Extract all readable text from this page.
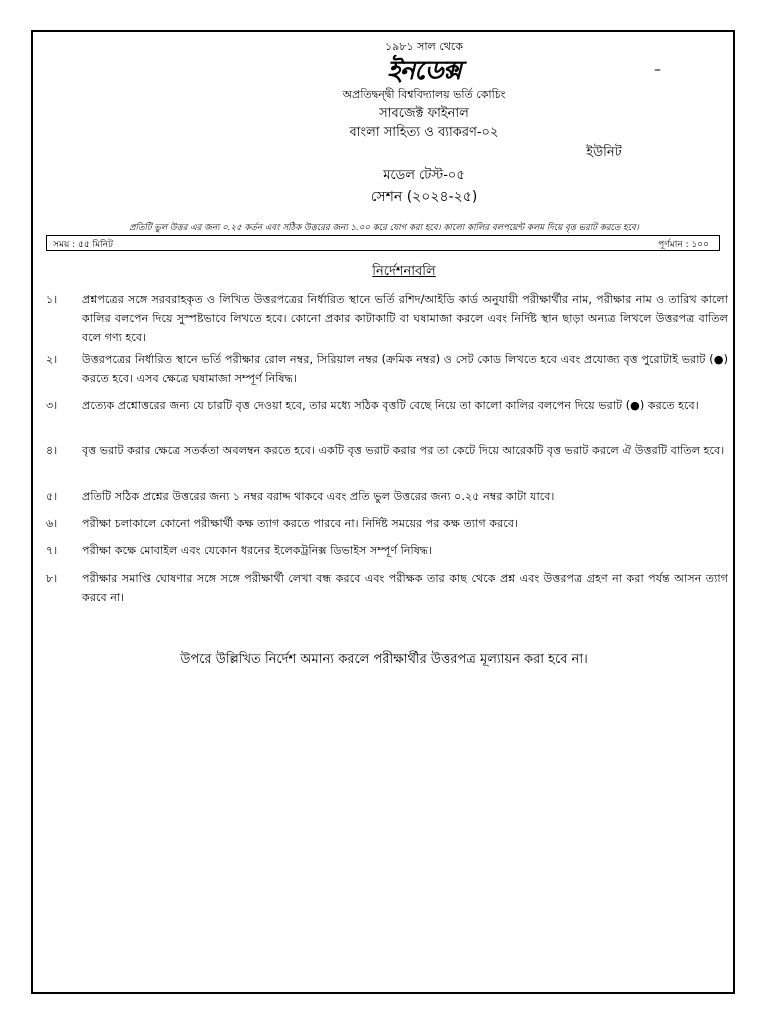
১৯৮১ সাল থেকে
ইনডেক্স	–
অপ্রতিদ্বন্দ্বী বিশ্ববিদ্যালয় ভর্তি কোচিং
সাবজেক্ট ফাইনাল
বাংলা সাহিত্য ও ব্যাকরণ-০২
ইউনিট
মডেল টেস্ট-০৫
সেশন (২০২৪-২৫)
প্রতিটি ভুল উত্তর এর জন্য ০.২৫ কর্তন এবং সঠিক উত্তরের জন্য ১.০০ করে যোগ করা হবে। কালো কালির বলপয়েন্ট কলম দিয়ে বৃত্ত ভরাট করতে হবে।
সময় : ৫৫ মিনিট	পূর্ণমান : ১০০
নির্দেশনাবলি
১।	প্রশ্নপত্রের সঙ্গে সরবরাহকৃত ও লিখিত উত্তরপত্রের নির্ধারিত স্থানে ভর্তি রশিদ/আইডি কার্ড অনুযায়ী পরীক্ষার্থীর নাম, পরীক্ষার নাম ও তারিখ কালো কালির বলপেন দিয়ে সুস্পষ্টভাবে লিখতে হবে। কোনো প্রকার কাটাকাটি বা ঘষামাজা করলে এবং নির্দিষ্ট স্থান ছাড়া অন্যত্র লিখলে উত্তরপত্র বাতিল বলে গণ্য হবে।
২।	উত্তরপত্রের নির্ধারিত স্থানে ভর্তি পরীক্ষার রোল নম্বর, সিরিয়াল নম্বর (ক্রমিক নম্বর) ও সেট কোড লিখতে হবে এবং প্রযোজ্য বৃত্ত পুরোটাই ভরাট (●) করতে হবে। এসব ক্ষেত্রে ঘষামাজা সম্পূর্ণ নিষিদ্ধ।
৩।	প্রত্যেক প্রশ্নোত্তরের জন্য যে চারটি বৃত্ত দেওয়া হবে, তার মধ্যে সঠিক বৃত্তটি বেছে নিয়ে তা কালো কালির বলপেন দিয়ে ভরাট (●) করতে হবে।
৪।	বৃত্ত ভরাট করার ক্ষেত্রে সতর্কতা অবলম্বন করতে হবে। একটি বৃত্ত ভরাট করার পর তা কেটে দিয়ে আরেকটি বৃত্ত ভরাট করলে ঐ উত্তরটি বাতিল হবে।
৫।	প্রতিটি সঠিক প্রশ্নের উত্তরের জন্য ১ নম্বর বরাদ্দ থাকবে এবং প্রতি ভুল উত্তরের জন্য ০.২৫ নম্বর কাটা যাবে।
৬।	পরীক্ষা চলাকালে কোনো পরীক্ষার্থী কক্ষ ত্যাগ করতে পারবে না। নির্দিষ্ট সময়ের পর কক্ষ ত্যাগ করবে।
৭।	পরীক্ষা কক্ষে মোবাইল এবং যেকোন ধরনের ইলেকট্রনিক্স ডিভাইস সম্পূর্ণ নিষিদ্ধ।
৮।	পরীক্ষার সমাপ্তি ঘোষণার সঙ্গে সঙ্গে পরীক্ষার্থী লেখা বন্ধ করবে এবং পরীক্ষক তার কাছ থেকে প্রশ্ন এবং উত্তরপত্র গ্রহণ না করা পর্যন্ত আসন ত্যাগ করবে না।
উপরে উল্লিখিত নির্দেশ অমান্য করলে পরীক্ষার্থীর উত্তরপত্র মূল্যায়ন করা হবে না।
